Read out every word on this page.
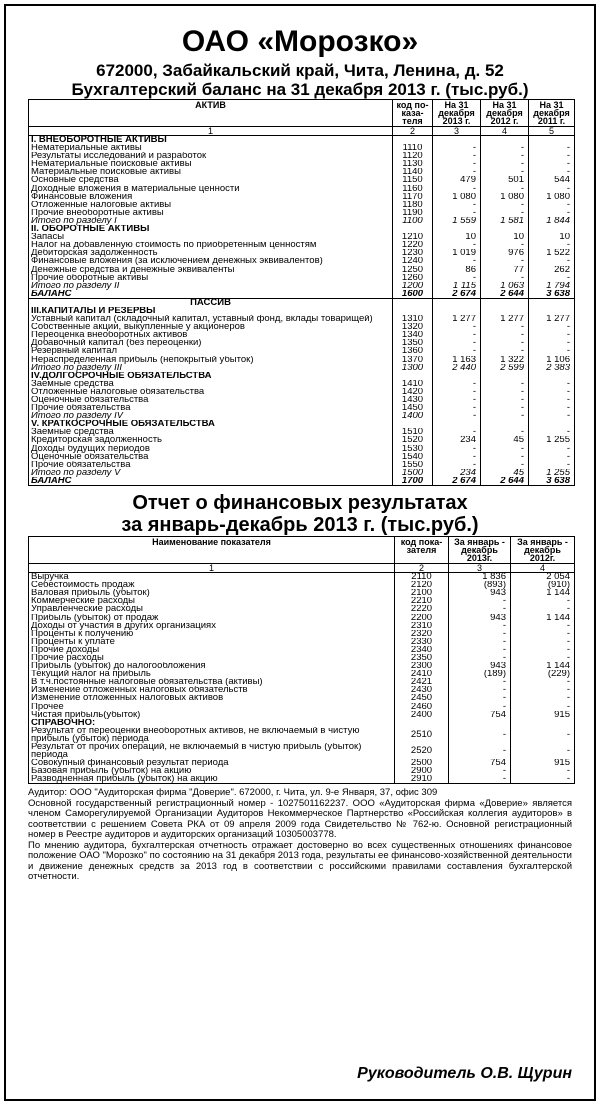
ОАО «Морозко»
672000, Забайкальский край, Чита, Ленина, д. 52
Бухгалтерский баланс на 31 декабря 2013 г. (тыс.руб.)
АКТИВ	код по- каза- теля	На 31 декабря 2013 г.	На 31 декабря 2012 г.	На 31 декабря 2011 г.
1	2	3	4	5
I. ВНЕОБОРОТНЫЕ АКТИВЫ				
Нематериальные активы	1110	-	-	-
Результаты исследований и разработок	1120	-	-	-
Нематериальные поисковые активы	1130	-	-	-
Материальные поисковые активы	1140	-	-	-
Основные средства	1150	479	501	544
Доходные вложения в материальные ценности	1160	-	-	-
Финансовые вложения	1170	1 080	1 080	1 080
Отложенные налоговые активы	1180	-	-	-
Прочие внеоборотные активы	1190	-	-	-
Итого по разделу I	1100	1 559	1 581	1 844
II. ОБОРОТНЫЕ АКТИВЫ				
Запасы	1210	10	10	10
Налог на добавленную стоимость по приобретенным ценностям	1220	-	-	-
Дебиторская задолженность	1230	1 019	976	1 522
Финансовые вложения (за исключением денежных эквивалентов)	1240	-	-	-
Денежные средства и денежные эквиваленты	1250	86	77	262
Прочие оборотные активы	1260	-	-	-
Итого по разделу II	1200	1 115	1 063	1 794
БАЛАНС	1600	2 674	2 644	3 638
ПАССИВ				
III.КАПИТАЛЫ И РЕЗЕРВЫ				
Уставный капитал (складочный капитал, уставный фонд, вклады товарищей)	1310	1 277	1 277	1 277
Собственные акции, выкупленные у акционеров	1320	-	-	-
Переоценка внеоборотных активов	1340	-	-	-
Добавочный капитал (без переоценки)	1350	-	-	-
Резервный капитал	1360	-	-	-
Нераспределенная прибыль (непокрытый убыток)	1370	1 163	1 322	1 106
Итого по разделу III	1300	2 440	2 599	2 383
IV.ДОЛГОСРОЧНЫЕ ОБЯЗАТЕЛЬСТВА				
Заемные средства	1410	-	-	-
Отложенные налоговые обязательства	1420	-	-	-
Оценочные обязательства	1430	-	-	-
Прочие обязательства	1450	-	-	-
Итого по разделу IV	1400	-	-	-
V. КРАТКОСРОЧНЫЕ ОБЯЗАТЕЛЬСТВА				
Заемные средства	1510	-	-	-
Кредиторская задолженность	1520	234	45	1 255
Доходы будущих периодов	1530	-	-	-
Оценочные обязательства	1540	-	-	-
Прочие обязательства	1550	-	-	-
Итого по разделу V	1500	234	45	1 255
БАЛАНС	1700	2 674	2 644	3 638
Отчет о финансовых результатах
за январь-декабрь 2013 г. (тыс.руб.)
Наименование показателя	код пока- зателя	За январь - декабрь 2013г.	За январь - декабрь 2012г.
1	2	3	4
Выручка	2110	1 836	2 054
Себестоимость продаж	2120	(893)	(910)
Валовая прибыль (убыток)	2100	943	1 144
Коммерческие расходы	2210	-	-
Управленческие расходы	2220	-	-
Прибыль (убыток) от продаж	2200	943	1 144
Доходы от участия в других организациях	2310	-	-
Проценты к получению	2320	-	-
Проценты к уплате	2330	-	-
Прочие доходы	2340	-	-
Прочие расходы	2350	-	-
Прибыль (убыток) до налогообложения	2300	943	1 144
Текущий налог на прибыль	2410	(189)	(229)
В т.ч.постоянные налоговые обязательства (активы)	2421	-	-
Изменение отложенных налоговых обязательств	2430	-	-
Изменение отложенных налоговых активов	2450	-	-
Прочее	2460	-	-
Чистая прибыль(убыток)	2400	754	915
СПРАВОЧНО:			
Результат от переоценки внеоборотных активов, не включаемый в чистую прибыль (убыток) периода	2510	-	-
Результат от прочих операций, не включаемый в чистую прибыль (убыток) периода	2520	-	-
Совокупный финансовый результат периода	2500	754	915
Базовая прибыль (убыток) на акцию	2900	-	-
Разводненная прибыль (убыток) на акцию	2910	-	-

Аудитор: ООО "Аудиторская фирма "Доверие". 672000, г. Чита, ул. 9-е Января, 37, офис 309

Основной государственный регистрационный номер - 1027501162237. ООО «Аудиторская фирма «Доверие» является членом Саморегулируемой Организации Аудиторов Некоммерческое Партнерство «Российская коллегия аудиторов» в соответствии с решением Совета РКА от 09 апреля 2009 года Свидетельство № 762-ю. Основной регистрационный номер в Реестре аудиторов и аудиторских организаций 10305003778.

По мнению аудитора, бухгалтерская отчетность отражает достоверно во всех существенных отношениях финансовое положение ОАО "Морозко" по состоянию на 31 декабря 2013 года, результаты ее финансово-хозяйственной деятельности и движение денежных средств за 2013 год в соответствии с российскими правилами составления бухгалтерской отчетности.

Руководитель О.В. Щурин
